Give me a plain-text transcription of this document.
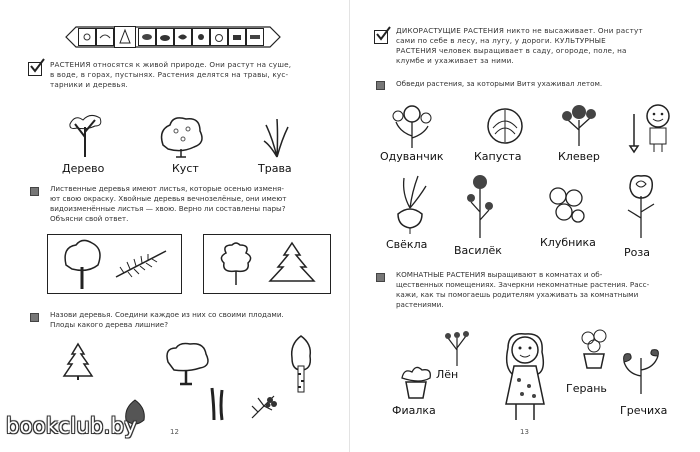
РАСТЕНИЯ относятся к живой природе. Они растут на суше,
в воде, в горах, пустынях. Растения делятся на травы, кус-
тарники и деревья.
Дерево	Куст	Трава
Лиственные деревья имеют листья, которые осенью изменя-
ют свою окраску. Хвойные деревья вечнозелёные, они имеют
видоизменённые листья — хвою. Верно ли составлены пары?
Объясни свой ответ.
Назови деревья. Соедини каждое из них со своими плодами.
Плоды какого дерева лишние?
12
ДИКОРАСТУЩИЕ РАСТЕНИЯ никто не высаживает. Они растут
сами по себе в лесу, на лугу, у дороги. КУЛЬТУРНЫЕ
РАСТЕНИЯ человек выращивает в саду, огороде, поле, на
клумбе и ухаживает за ними.
Обведи растения, за которыми Витя ухаживал летом.
Одуванчик	Капуста	Клевер
Свёкла Василёк
Клубника
Роза
КОМНАТНЫЕ РАСТЕНИЯ выращивают в комнатах и об-
щественных помещениях. Зачеркни некомнатные растения. Расс-
кажи, как ты помогаешь родителям ухаживать за комнатными
растениями.
Лён
Фиалка
Герань
Гречиха
13
bookclub.by
